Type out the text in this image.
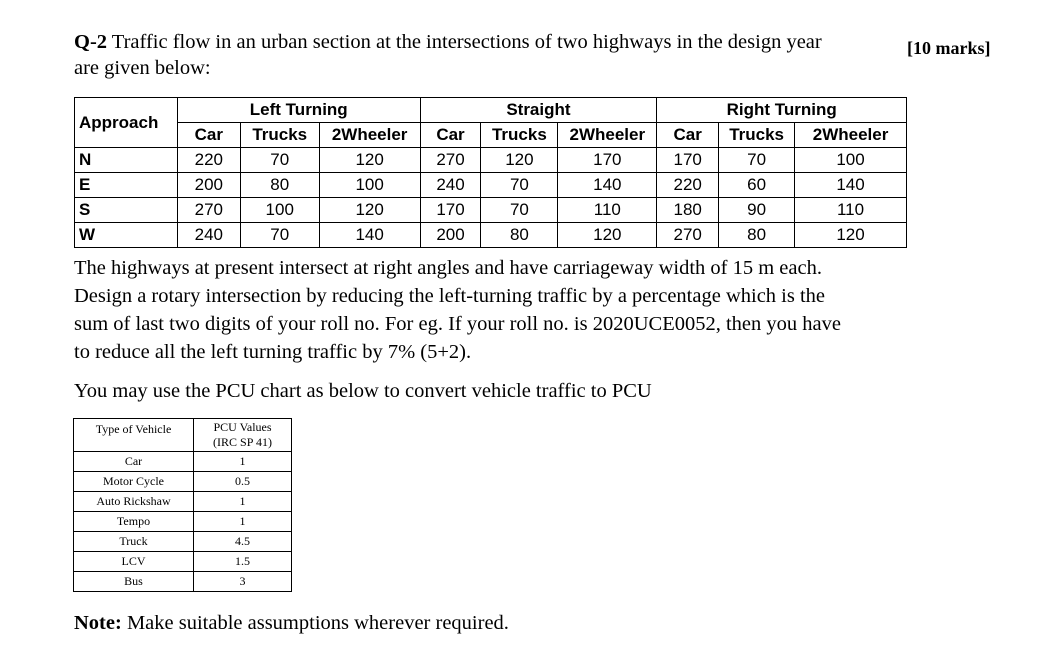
Q-2 Traffic flow in an urban section at the intersections of two highways in the design year
are given below:
[10 marks]
Approach	Left Turning			Straight			Right Turning		
	Car	Trucks	2Wheeler	Car	Trucks	2Wheeler	Car	Trucks	2Wheeler
N	220	70	120	270	120	170	170	70	100
E	200	80	100	240	70	140	220	60	140
S	270	100	120	170	70	110	180	90	110
W	240	70	140	200	80	120	270	80	120
The highways at present intersect at right angles and have carriageway width of 15 m each.
Design a rotary intersection by reducing the left-turning traffic by a percentage which is the
sum of last two digits of your roll no. For eg. If your roll no. is 2020UCE0052, then you have
to reduce all the left turning traffic by 7% (5+2).
You may use the PCU chart as below to convert vehicle traffic to PCU
Type of Vehicle	PCU Values
(IRC SP 41)
Car	1
Motor Cycle	0.5
Auto Rickshaw	1
Tempo	1
Truck	4.5
LCV	1.5
Bus	3
Note: Make suitable assumptions wherever required.
